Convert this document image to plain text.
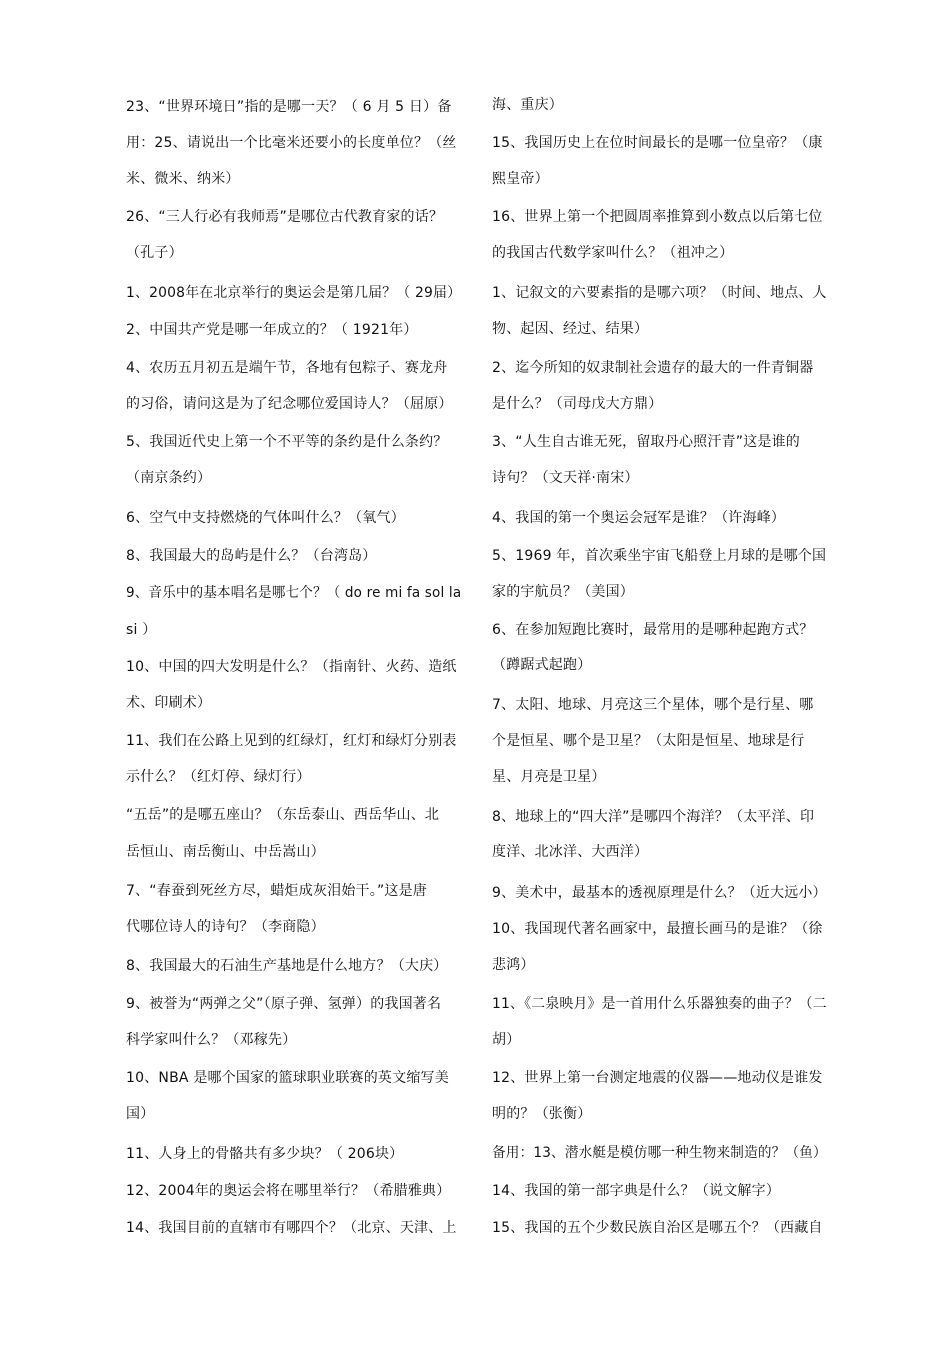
23、“世界环境日”指的是哪一天？（ 6 月 5 日）备
用：25、请说出一个比毫米还要小的长度单位？（丝
米、微米、纳米）
26、“三人行必有我师焉”是哪位古代教育家的话？
（孔子）
1、2008年在北京举行的奥运会是第几届？（ 29届）
2、中国共产党是哪一年成立的？（ 1921年）
4、农历五月初五是端午节，各地有包粽子、赛龙舟
的习俗，请问这是为了纪念哪位爱国诗人？（屈原）
5、我国近代史上第一个不平等的条约是什么条约？
（南京条约）
6、空气中支持燃烧的气体叫什么？（氧气）
8、我国最大的岛屿是什么？（台湾岛）
9、音乐中的基本唱名是哪七个？（ do re mi fa sol la
si ）
10、中国的四大发明是什么？（指南针、火药、造纸
术、印刷术）
11、我们在公路上见到的红绿灯，红灯和绿灯分别表
示什么？（红灯停、绿灯行）
“五岳”的是哪五座山？（东岳泰山、西岳华山、北
岳恒山、南岳衡山、中岳嵩山）
7、“春蚕到死丝方尽，蜡炬成灰泪始干。”这是唐
代哪位诗人的诗句？（李商隐）
8、我国最大的石油生产基地是什么地方？（大庆）
9、被誉为“两弹之父”（原子弹、氢弹）的我国著名
科学家叫什么？（邓稼先）
10、NBA 是哪个国家的篮球职业联赛的英文缩写美
国）
11、人身上的骨骼共有多少块？（ 206块）
12、2004年的奥运会将在哪里举行？（希腊雅典）
14、我国目前的直辖市有哪四个？（北京、天津、上
海、重庆）
15、我国历史上在位时间最长的是哪一位皇帝？（康
熙皇帝）
16、世界上第一个把圆周率推算到小数点以后第七位
的我国古代数学家叫什么？（祖冲之）
1、记叙文的六要素指的是哪六项？（时间、地点、人
物、起因、经过、结果）
2、迄今所知的奴隶制社会遗存的最大的一件青铜器
是什么？（司母戊大方鼎）
3、“人生自古谁无死，留取丹心照汗青”这是谁的
诗句？（文天祥·南宋）
4、我国的第一个奥运会冠军是谁？（许海峰）
5、1969 年，首次乘坐宇宙飞船登上月球的是哪个国
家的宇航员？（美国）
6、在参加短跑比赛时，最常用的是哪种起跑方式？
（蹲踞式起跑）
7、太阳、地球、月亮这三个星体，哪个是行星、哪
个是恒星、哪个是卫星？（太阳是恒星、地球是行
星、月亮是卫星）
8、地球上的“四大洋”是哪四个海洋？（太平洋、印
度洋、北冰洋、大西洋）
9、美术中，最基本的透视原理是什么？（近大远小）
10、我国现代著名画家中，最擅长画马的是谁？（徐
悲鸿）
11、《二泉映月》是一首用什么乐器独奏的曲子？（二
胡）
12、世界上第一台测定地震的仪器——地动仪是谁发
明的？（张衡）
备用：13、潜水艇是模仿哪一种生物来制造的？（鱼）
14、我国的第一部字典是什么？（说文解字）
15、我国的五个少数民族自治区是哪五个？（西藏自
